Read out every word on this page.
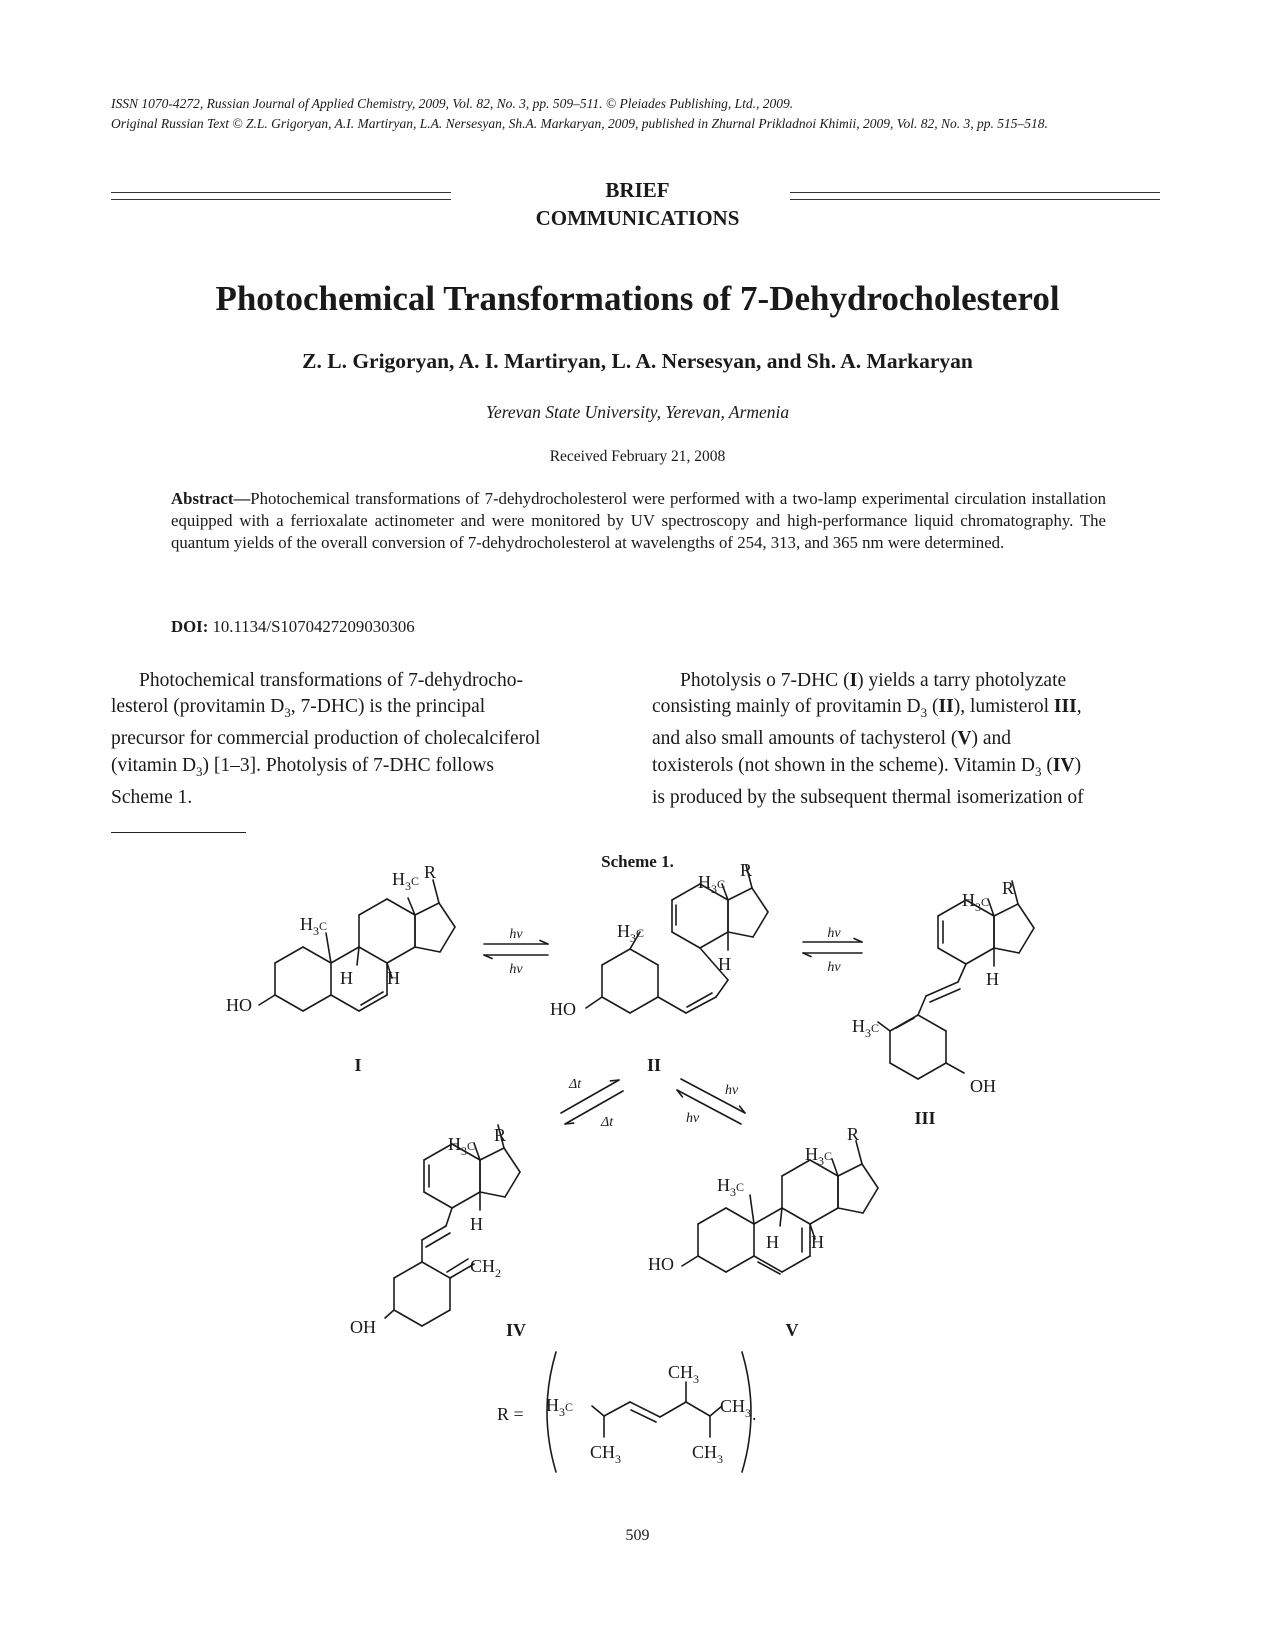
ISSN 1070-4272, Russian Journal of Applied Chemistry, 2009, Vol. 82, No. 3, pp. 509–511. © Pleiades Publishing, Ltd., 2009.
Original Russian Text © Z.L. Grigoryan, A.I. Martiryan, L.A. Nersesyan, Sh.A. Markaryan, 2009, published in Zhurnal Prikladnoi Khimii, 2009, Vol. 82, No. 3, pp. 515–518.
BRIEF
COMMUNICATIONS
Photochemical Transformations of 7-Dehydrocholesterol
Z. L. Grigoryan, A. I. Martiryan, L. A. Nersesyan, and Sh. A. Markaryan
Yerevan State University, Yerevan, Armenia
Received February 21, 2008
Abstract—Photochemical transformations of 7-dehydrocholesterol were performed with a two-lamp experimental circulation installation equipped with a ferrioxalate actinometer and were monitored by UV spectroscopy and high-performance liquid chromatography. The quantum yields of the overall conversion of 7-dehydrocholesterol at wavelengths of 254, 313, and 365 nm were determined.
DOI: 10.1134/S1070427209030306
Photochemical transformations of 7-dehydrocho-
lesterol (provitamin $D_3$, 7-DHC) is the principal
precursor for commercial production of cholecalciferol
(vitamin $D_3$) [1–3]. Photolysis of 7-DHC follows
Scheme 1.
Photolysis o 7-DHC (I) yields a tarry photolyzate
consisting mainly of provitamin $D_3$ (II), lumisterol III,
and also small amounts of tachysterol (V) and
toxisterols (not shown in the scheme). Vitamin $D_3$ (IV)
is produced by the subsequent thermal isomerization of
Scheme 1.
$H_3^C$ R
$H_3^C$
H H
HO
I
hν
hν
$H_3^C$
R
$H_3^C$
H
HO
II
hν
hν
$H_3^C$
R
$H_3^C$
H
OH
III
Δt
Δt
hν
hν
$H_3^C$
R
H
$CH_2$
OH	IV
$H_3^C$
R
$H_3^C$
H H
HO
V
$R = H_3^C$
$CH_3$
$CH_3$
$CH_3$	$CH_3$
.
509
